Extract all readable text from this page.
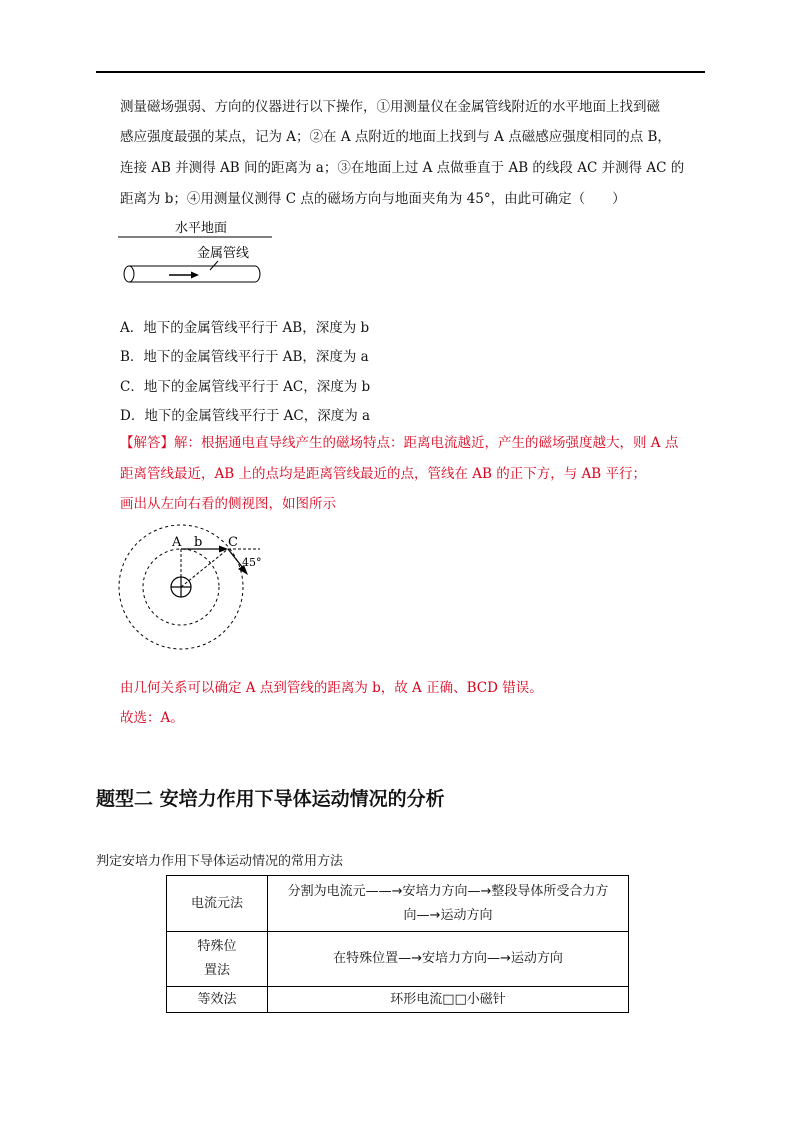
测量磁场强弱、方向的仪器进行以下操作，①用测量仪在金属管线附近的水平地面上找到磁
感应强度最强的某点，记为 A；②在 A 点附近的地面上找到与 A 点磁感应强度相同的点 B，
连接 AB 并测得 AB 间的距离为 a；③在地面上过 A 点做垂直于 AB 的线段 AC 并测得 AC 的
距离为 b；④用测量仪测得 C 点的磁场方向与地面夹角为 45°，由此可确定（　　）
水平地面
金属管线
A．地下的金属管线平行于 AB，深度为 b
B．地下的金属管线平行于 AB，深度为 a
C．地下的金属管线平行于 AC，深度为 b
D．地下的金属管线平行于 AC，深度为 a
【解答】解：根据通电直导线产生的磁场特点：距离电流越近，产生的磁场强度越大，则 A 点
距离管线最近，AB 上的点均是距离管线最近的点，管线在 AB 的正下方，与 AB 平行；
画出从左向右看的侧视图，如图所示
A b C
45°
由几何关系可以确定 A 点到管线的距离为 b，故 A 正确、BCD 错误。
故选：A。
题型二 安培力作用下导体运动情况的分析
判定安培力作用下导体运动情况的常用方法
电流元法	分割为电流元——→安培力方向—→整段导体所受合力方
向—→运动方向

特殊位
置法	在特殊位置—→安培力方向—→运动方向
等效法	环形电流□□小磁针
